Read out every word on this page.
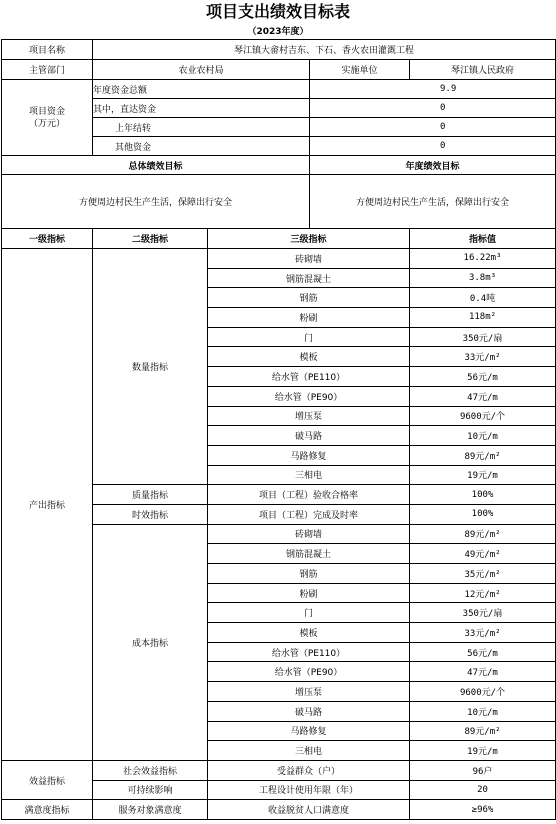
项目支出绩效目标表
（2023年度）
项目名称	琴江镇大畲村吉东、下石、香火农田灌溉工程			
主管部门	农业农村局		实施单位	琴江镇人民政府
项目资金
（万元）	年度资金总额		9.9	
	其中，直达资金		0	
	上年结转		0	
	其他资金		0	
总体绩效目标			年度绩效目标	
方便周边村民生产生活，保障出行安全			方便周边村民生产生活，保障出行安全	
一级指标	二级指标	三级指标		指标值
产出指标	数量指标	砖砌墙		16.22m³
		钢筋混凝土		3.8m³
		钢筋		0.4吨
		粉刷		118m²
		门		350元/扇
		模板		33元/m²
		给水管（PE110）		56元/m
		给水管（PE90）		47元/m
		增压泵		9600元/个
		破马路		10元/m
		马路修复		89元/m²
		三相电		19元/m
	质量指标	项目（工程）验收合格率		100%
	时效指标	项目（工程）完成及时率		100%
	成本指标	砖砌墙		89元/m²
		钢筋混凝土		49元/m²
		钢筋		35元/m²
		粉刷		12元/m²
		门		350元/扇
		模板		33元/m²
		给水管（PE110）		56元/m
		给水管（PE90）		47元/m
		增压泵		9600元/个
		破马路		10元/m
		马路修复		89元/m²
		三相电		19元/m
效益指标	社会效益指标	受益群众（户）		96户
	可持续影响	工程设计使用年限（年）		20
满意度指标	服务对象满意度	收益脱贫人口满意度		≥96%
